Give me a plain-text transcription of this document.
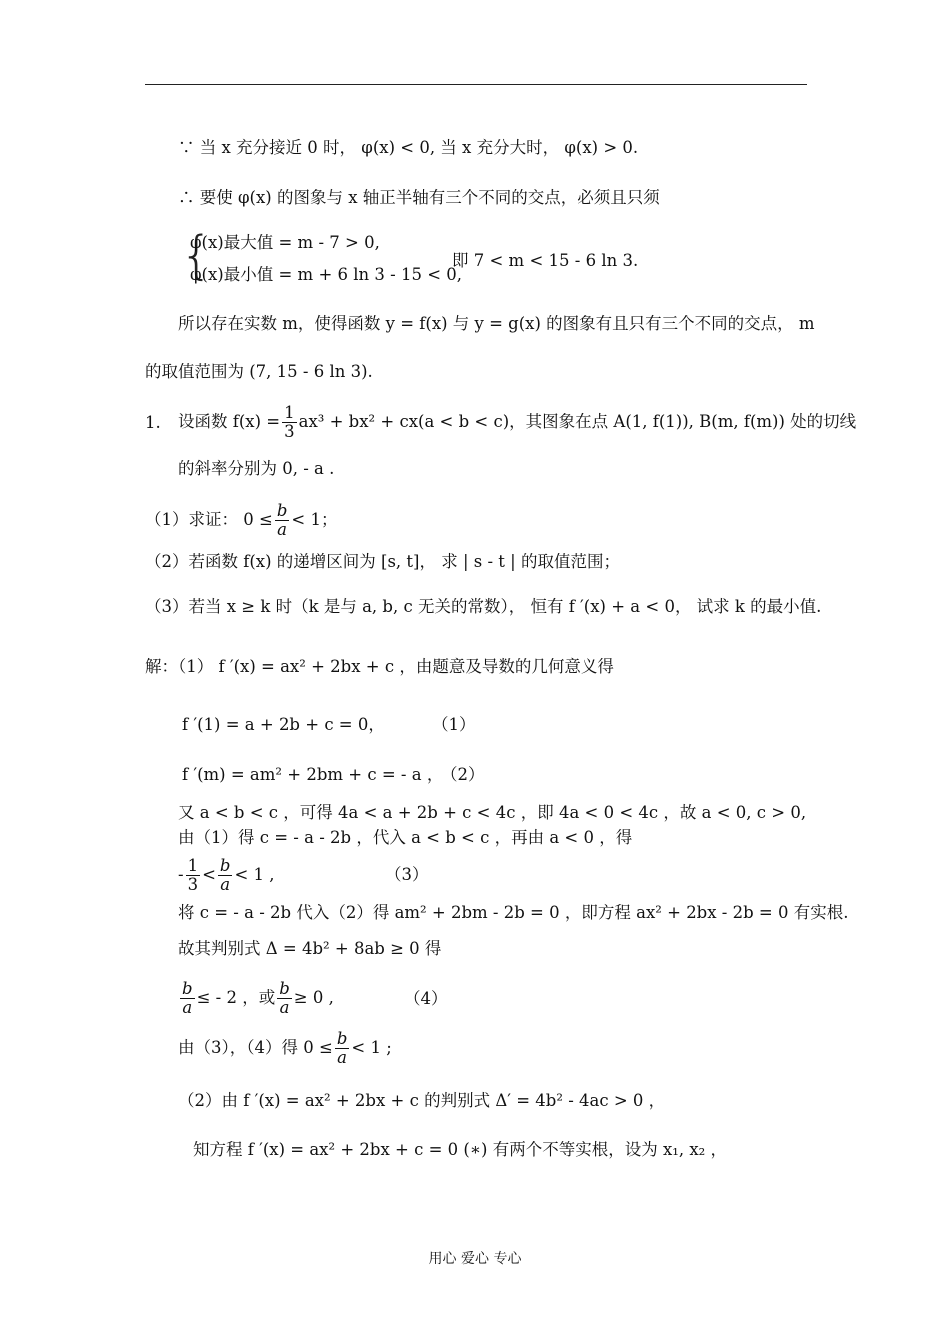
∵ 当 x 充分接近 0 时， φ(x) < 0, 当 x 充分大时， φ(x) > 0.
∴ 要使 φ(x) 的图象与 x 轴正半轴有三个不同的交点，必须且只须
{
φ(x)最大值 = m - 7 > 0,
φ(x)最小值 = m + 6 ln 3 - 15 < 0,
即 7 < m < 15 - 6 ln 3.
所以存在实数 m，使得函数 y = f(x) 与 y = g(x) 的图象有且只有三个不同的交点， m
的取值范围为 (7, 15 - 6 ln 3).
1. 设函数 $f(x) = \frac{1}{3} ax^3 + bx^2 + cx(a < b < c)$，其图象在点 A(1, f(1)), B(m, f(m)) 处的切线
的斜率分别为 0, - a .
（1）求证： $0 \le \frac{b}{a} < 1$；
（2）若函数 f(x) 的递增区间为 [s, t]， 求 | s - t | 的取值范围；
（3）若当 x ≥ k 时（k 是与 a, b, c 无关的常数）， 恒有 f ′(x) + a < 0， 试求 k 的最小值.
解：（1） f ′(x) = ax² + 2bx + c ，由题意及导数的几何意义得
f ′(1) = a + 2b + c = 0，	（1）
f ′(m) = am² + 2bm + c = - a ，
（2）
又 a < b < c ，可得 4a < a + 2b + c < 4c ，即 4a < 0 < 4c ，故 a < 0, c > 0,
由（1）得 c = - a - 2b ，代入 a < b < c ，再由 a < 0 ，得
- $\frac{1}{3} < \frac{b}{a} < 1$ ,	（3）
将 c = - a - 2b 代入（2）得 am² + 2bm - 2b = 0 ，即方程 ax² + 2bx - 2b = 0 有实根.
故其判别式 Δ = 4b² + 8ab ≥ 0 得
$\frac{b}{a}$ ≤ - 2 ，或 $\frac{b}{a} \ge 0$ ,	（4）
由（3），（4）得 $0 \le \frac{b}{a} < 1$ ;
（2）由 f ′(x) = ax² + 2bx + c 的判别式 Δ′ = 4b² - 4ac > 0 ，
知方程 f ′(x) = ax² + 2bx + c = 0 (∗) 有两个不等实根，设为 x₁, x₂ ，
用心 爱心 专心
